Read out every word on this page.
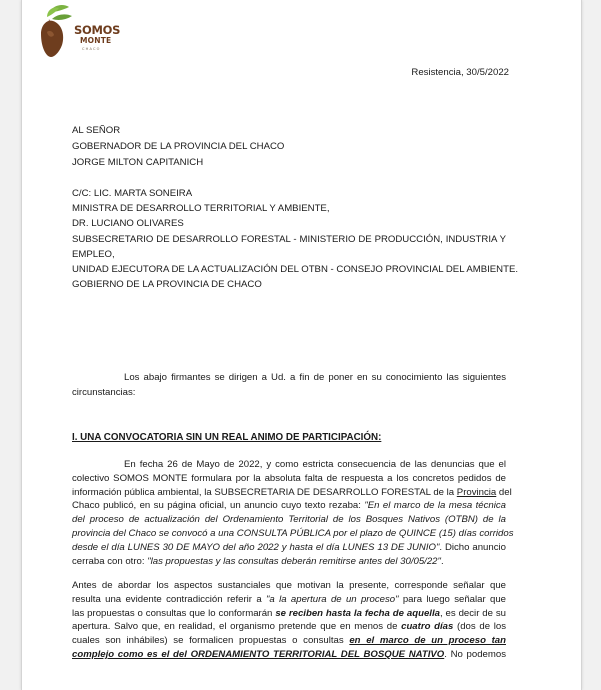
SOMOS
MONTE
CHACO
Resistencia, 30/5/2022
AL SEÑOR
GOBERNADOR DE LA PROVINCIA DEL CHACO
JORGE MILTON CAPITANICH
C/C: LIC. MARTA SONEIRA
MINISTRA DE DESARROLLO TERRITORIAL Y AMBIENTE,
DR. LUCIANO OLIVARES
SUBSECRETARIO DE DESARROLLO FORESTAL - MINISTERIO DE PRODUCCIÓN, INDUSTRIA Y
EMPLEO,
UNIDAD EJECUTORA DE LA ACTUALIZACIÓN DEL OTBN - CONSEJO PROVINCIAL DEL AMBIENTE.
GOBIERNO DE LA PROVINCIA DE CHACO
Los abajo firmantes se dirigen a Ud. a fin de poner en su conocimiento las siguientes
circunstancias:
I. UNA CONVOCATORIA SIN UN REAL ANIMO DE PARTICIPACIÓN:
En fecha 26 de Mayo de 2022, y como estricta consecuencia de las denuncias que el
colectivo SOMOS MONTE formulara por la absoluta falta de respuesta a los concretos pedidos de
información pública ambiental, la SUBSECRETARIA DE DESARROLLO FORESTAL de la Provincia del
Chaco publicó, en su página oficial, un anuncio cuyo texto rezaba: "En el marco de la mesa técnica
del proceso de actualización del Ordenamiento Territorial de los Bosques Nativos (OTBN) de la
provincia del Chaco se convocó a una CONSULTA PÚBLICA por el plazo de QUINCE (15) días corridos
desde el día LUNES 30 DE MAYO del año 2022 y hasta el día LUNES 13 DE JUNIO". Dicho anuncio
cerraba con otro: "las propuestas y las consultas deberán remitirse antes del 30/05/22".
Antes de abordar los aspectos sustanciales que motivan la presente, corresponde señalar que
resulta una evidente contradicción referir a "a la apertura de un proceso" para luego señalar que
las propuestas o consultas que lo conformarán se reciben hasta la fecha de aquella, es decir de su
apertura. Salvo que, en realidad, el organismo pretende que en menos de cuatro días (dos de los
cuales son inhábiles) se formalicen propuestas o consultas en el marco de un proceso tan
complejo como es el del ORDENAMIENTO TERRITORIAL DEL BOSQUE NATIVO. No podemos
